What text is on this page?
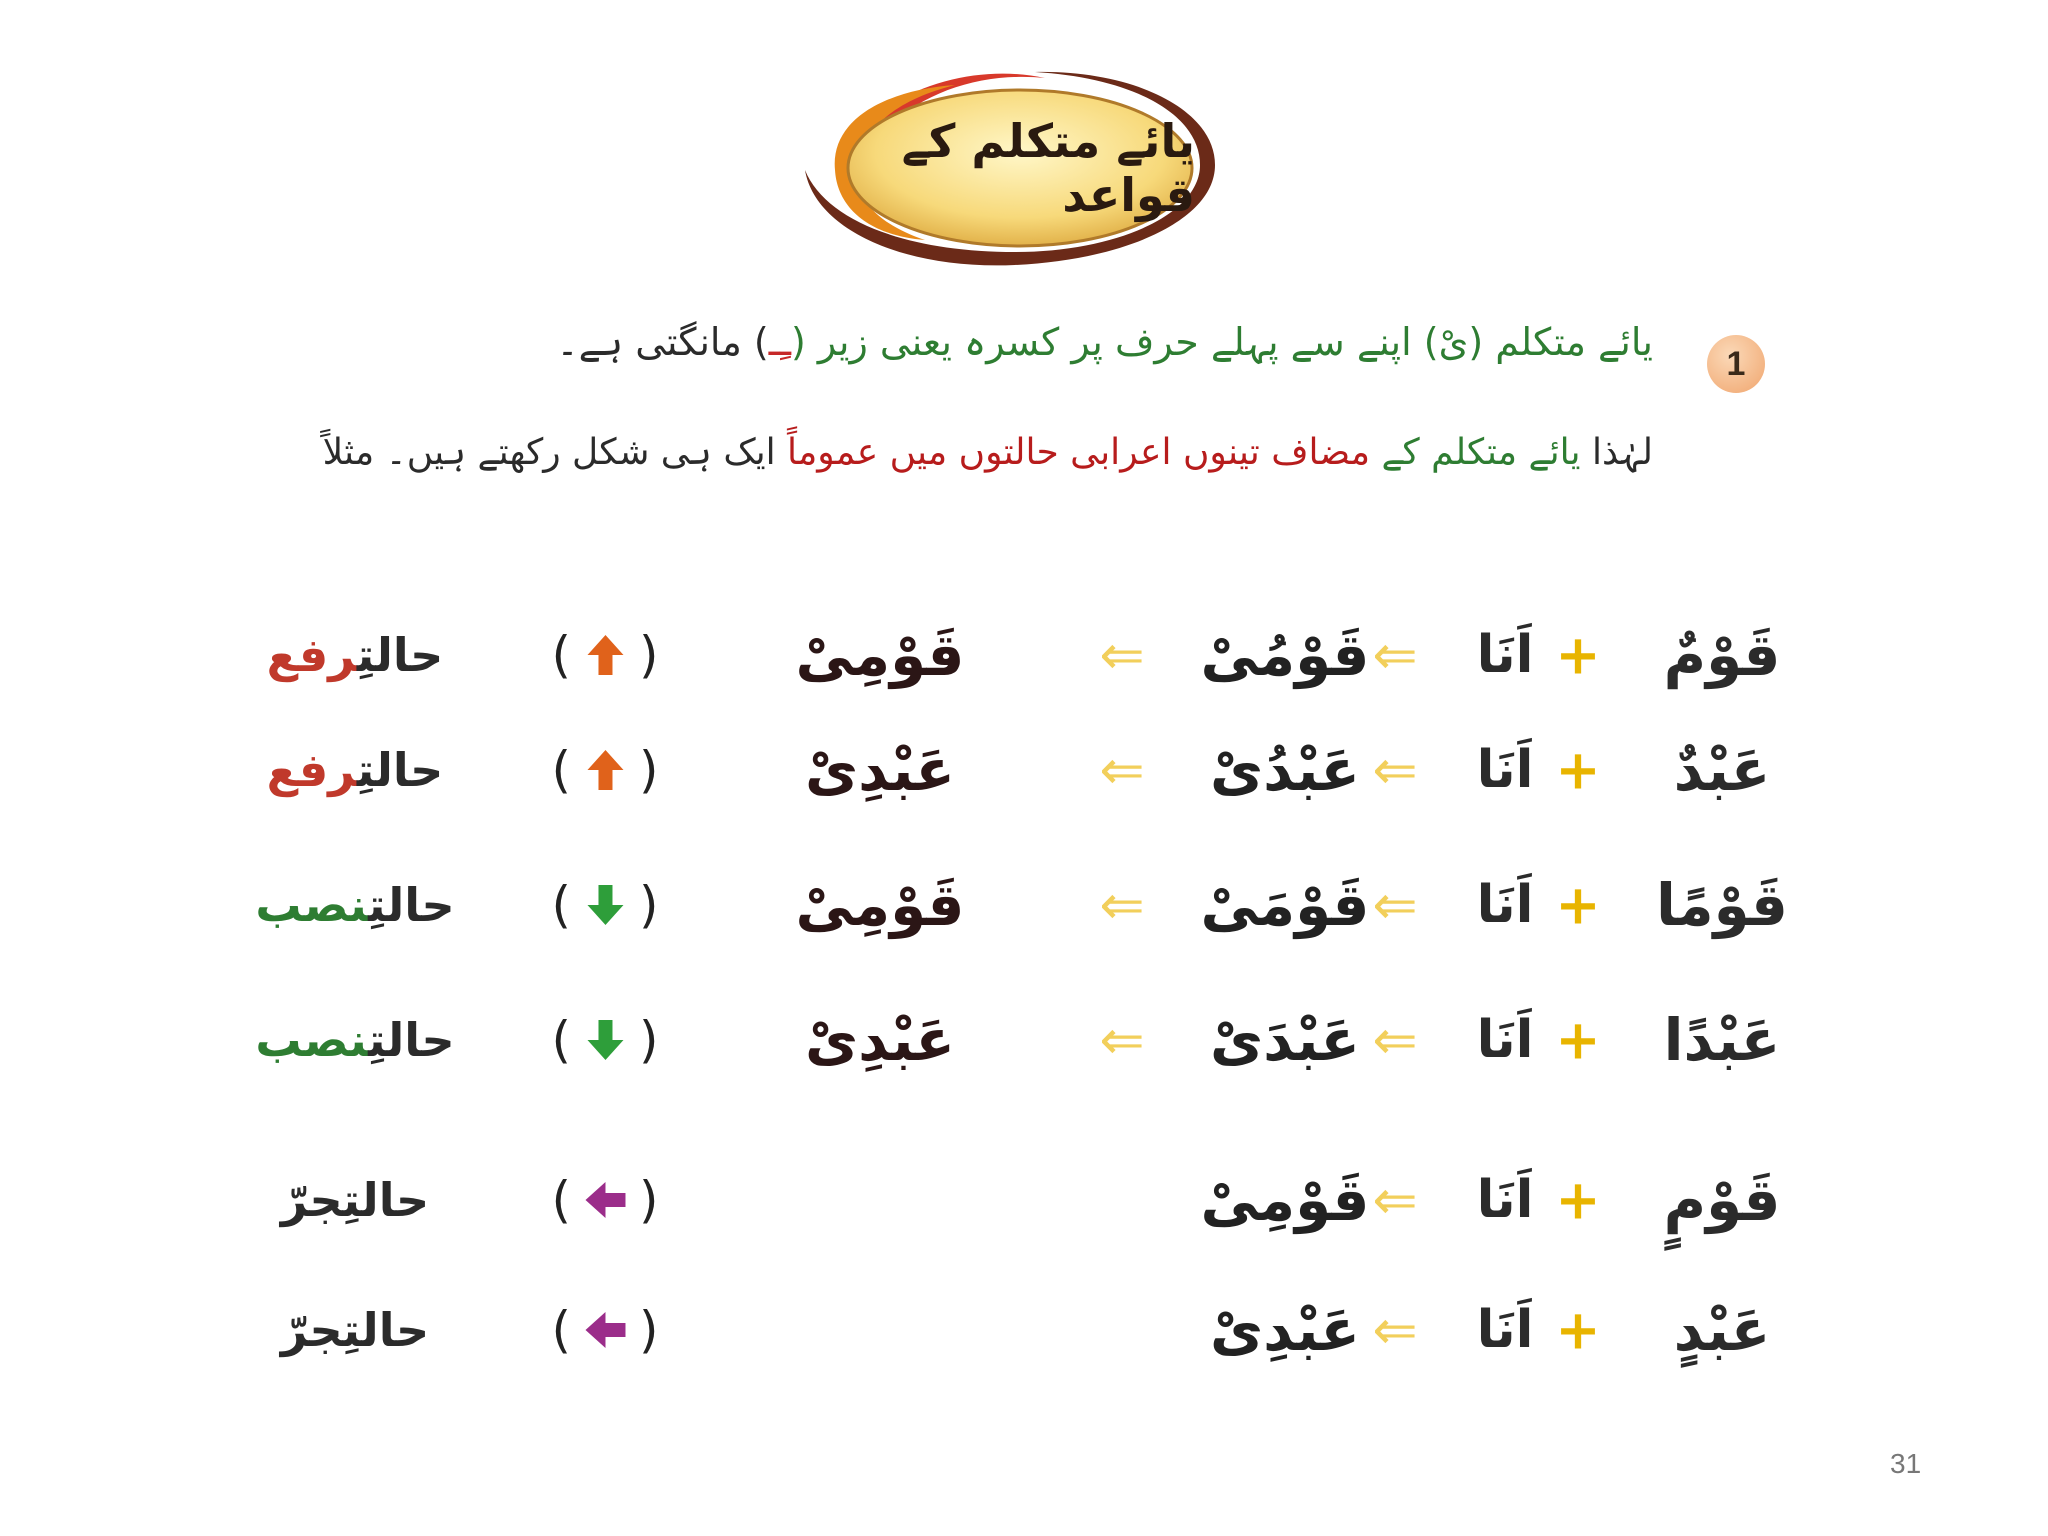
یائے متکلم کے قواعد
1
یائے متکلم (یْ) اپنے سے پہلے حرف پر کسرہ یعنی زیر (ـِـ) مانگتی ہے۔
لہٰذا یائے متکلم کے مضاف تینوں اعرابی حالتوں میں عموماً ایک ہی شکل رکھتے ہیں۔ مثلاً
قَوْمٌ
+
اَنَا
⇐
قَوْمُیْ
⇐
قَوْمِیْ
( )
حالتِرفع
عَبْدٌ
+
اَنَا
⇐
عَبْدُیْ
⇐
عَبْدِیْ
( )
حالتِرفع
قَوْمًا
+
اَنَا
⇐
قَوْمَیْ
⇐
قَوْمِیْ
( )
حالتِنصب
عَبْدًا
+
اَنَا
⇐
عَبْدَیْ
⇐
عَبْدِیْ
( )
حالتِنصب
قَوْمٍ
+
اَنَا
⇐
قَوْمِیْ
( )
حالتِجرّ
عَبْدٍ
+
اَنَا
⇐
عَبْدِیْ
( )
حالتِجرّ
31
